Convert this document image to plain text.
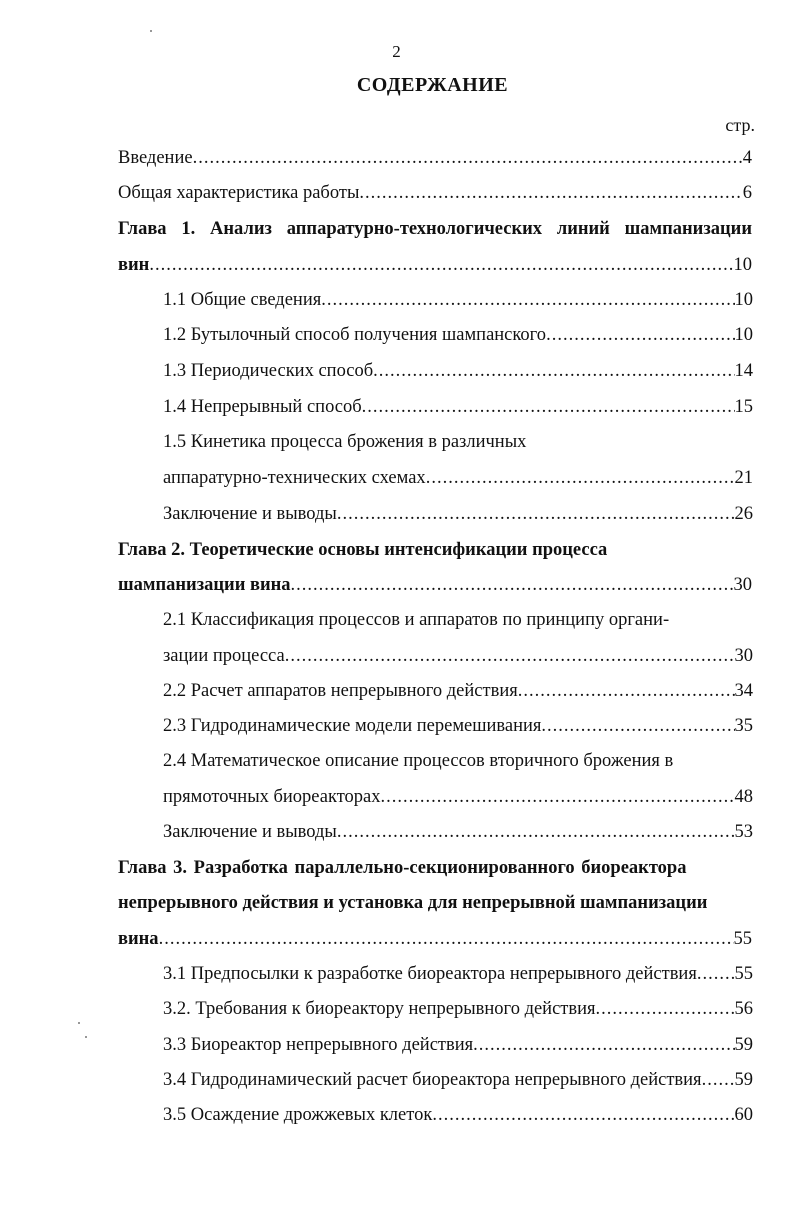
2
СОДЕРЖАНИЕ
стр.
Введение .....	4
Общая характеристика работы .....	6
Глава 1. Анализ аппаратурно-технологических линий шампанизации
вин .....	10
1.1 Общие сведения .....	10
1.2 Бутылочный способ получения шампанского .....	10
1.3 Периодических способ .....	14
1.4 Непрерывный способ .....	15
1.5 Кинетика процесса брожения в различных
аппаратурно-технических схемах .....	21
Заключение и выводы .....	26
Глава 2. Теоретические основы интенсификации процесса
шампанизации вина .....	30
2.1 Классификация процессов и аппаратов по принципу органи-
зации процесса .....	30
2.2 Расчет аппаратов непрерывного действия .....	34
2.3 Гидродинамические модели перемешивания .....	35
2.4 Математическое описание процессов вторичного брожения в
прямоточных биореакторах .....	48
Заключение и выводы .....	53
Глава 3. Разработка параллельно-секционированного биореактора
непрерывного действия и установка для непрерывной шампанизации
вина .....	55
3.1 Предпосылки к разработке биореактора непрерывного действия ..... 55
3.2. Требования к биореактору непрерывного действия .....	56
3.3 Биореактор непрерывного действия .....	59
3.4 Гидродинамический расчет биореактора непрерывного действия ..... 59
3.5 Осаждение дрожжевых клеток .....	60
